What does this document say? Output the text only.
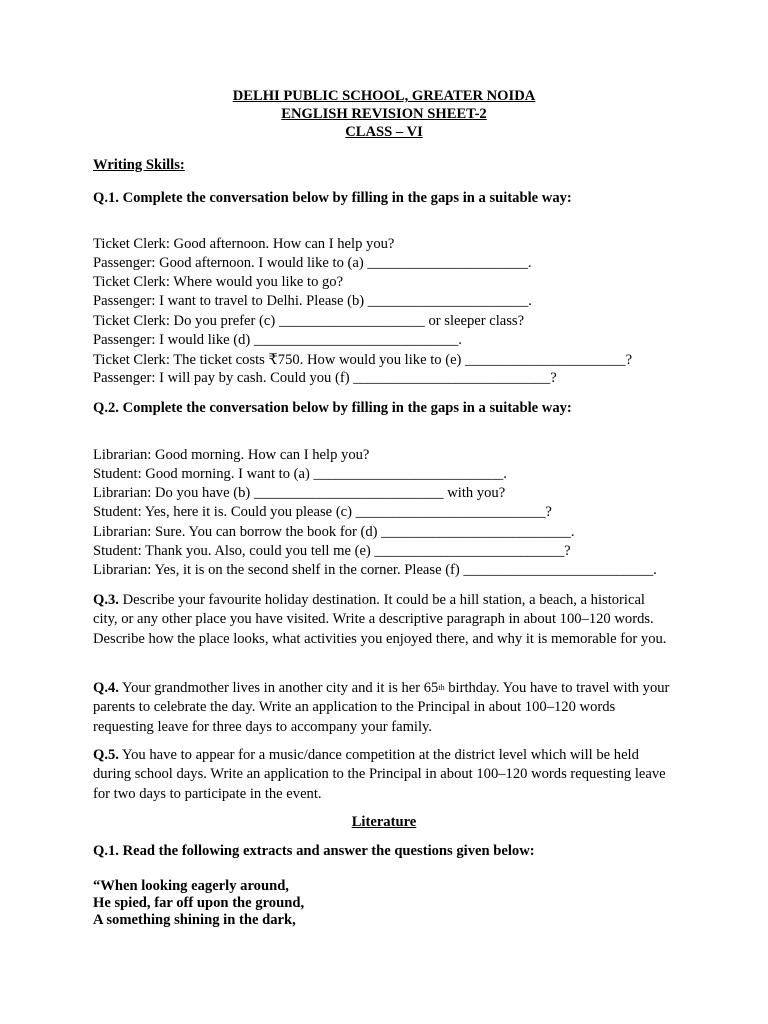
DELHI PUBLIC SCHOOL, GREATER NOIDA
ENGLISH REVISION SHEET-2
CLASS – VI
Writing Skills:
Q.1. Complete the conversation below by filling in the gaps in a suitable way:
Ticket Clerk: Good afternoon. How can I help you?
Passenger: Good afternoon. I would like to (a) ______________________.
Ticket Clerk: Where would you like to go?
Passenger: I want to travel to Delhi. Please (b) ______________________.
Ticket Clerk: Do you prefer (c) ____________________ or sleeper class?
Passenger: I would like (d) ____________________________.
Ticket Clerk: The ticket costs ₹750. How would you like to (e) ______________________?
Passenger: I will pay by cash. Could you (f) ___________________________?
Q.2. Complete the conversation below by filling in the gaps in a suitable way:
Librarian: Good morning. How can I help you?
Student: Good morning. I want to (a) __________________________.
Librarian: Do you have (b) __________________________ with you?
Student: Yes, here it is. Could you please (c) __________________________?
Librarian: Sure. You can borrow the book for (d) __________________________.
Student: Thank you. Also, could you tell me (e) __________________________?
Librarian: Yes, it is on the second shelf in the corner. Please (f) __________________________.
Q.3. Describe your favourite holiday destination. It could be a hill station, a beach, a historical city, or any other place you have visited. Write a descriptive paragraph in about 100–120 words. Describe how the place looks, what activities you enjoyed there, and why it is memorable for you.
Q.4. Your grandmother lives in another city and it is her 65th birthday. You have to travel with your parents to celebrate the day. Write an application to the Principal in about 100–120 words requesting leave for three days to accompany your family.
Q.5. You have to appear for a music/dance competition at the district level which will be held during school days. Write an application to the Principal in about 100–120 words requesting leave for two days to participate in the event.
Literature
Q.1. Read the following extracts and answer the questions given below:
“When looking eagerly around,
He spied, far off upon the ground,
A something shining in the dark,
